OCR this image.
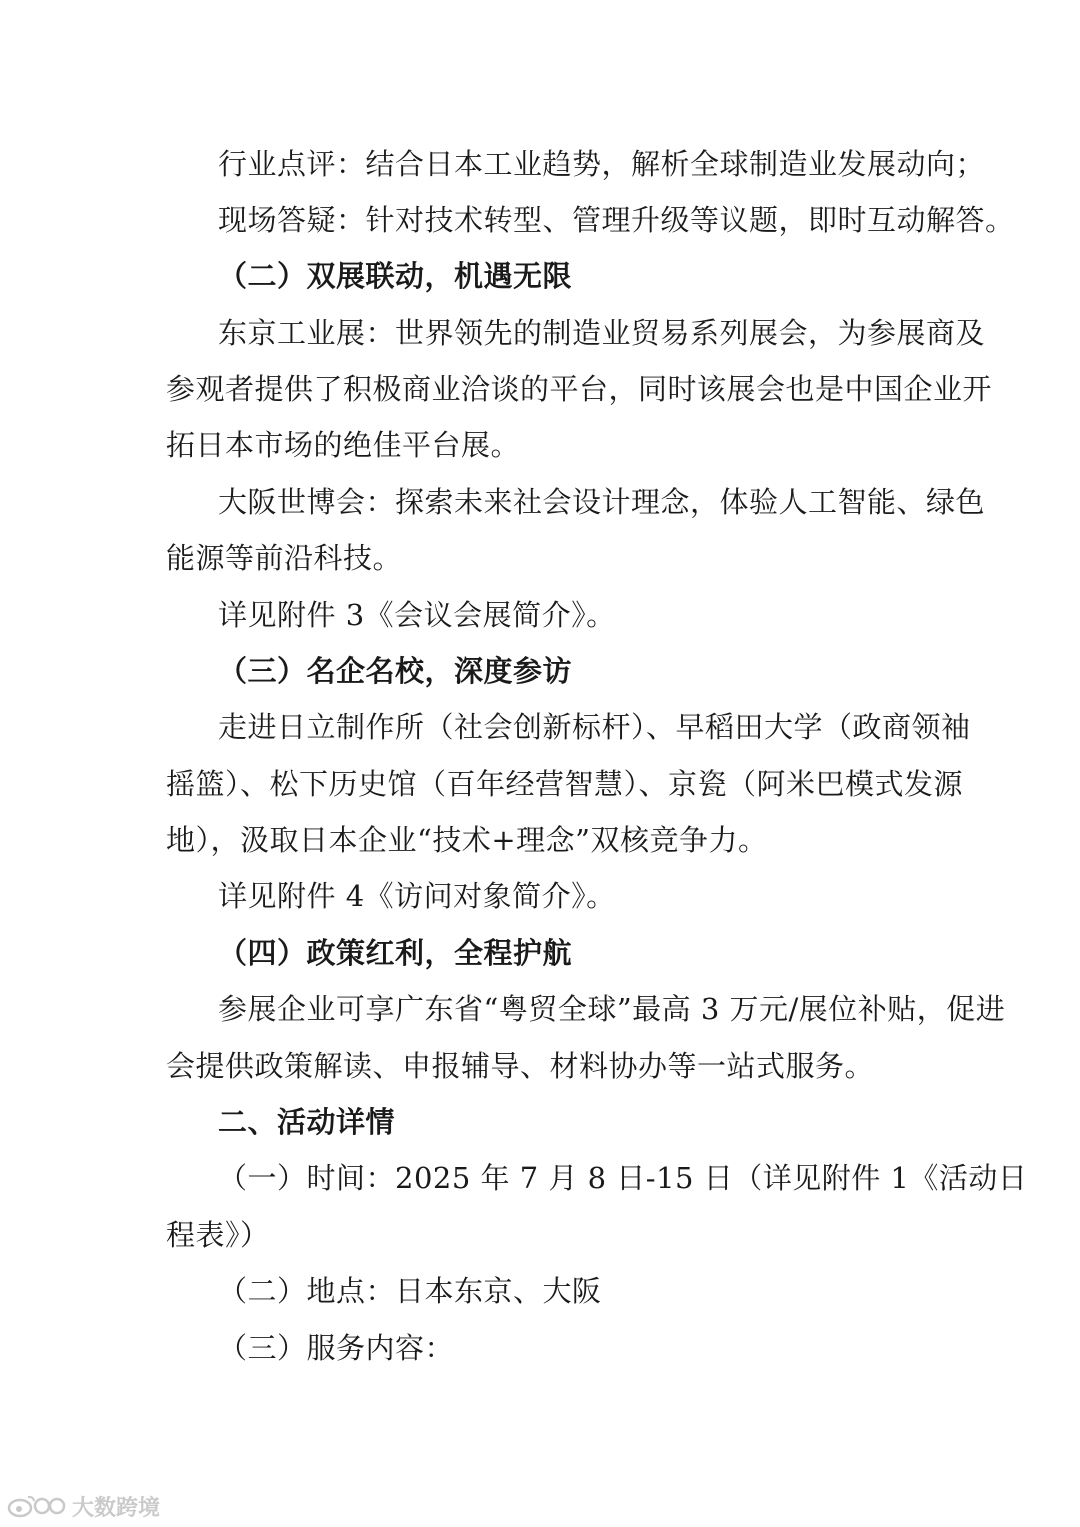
行业点评：结合日本工业趋势，解析全球制造业发展动向；
现场答疑：针对技术转型、管理升级等议题，即时互动解答。
（二）双展联动，机遇无限
东京工业展：世界领先的制造业贸易系列展会，为参展商及
参观者提供了积极商业洽谈的平台，同时该展会也是中国企业开
拓日本市场的绝佳平台展。
大阪世博会：探索未来社会设计理念，体验人工智能、绿色
能源等前沿科技。
详见附件 3《会议会展简介》。
（三）名企名校，深度参访
走进日立制作所（社会创新标杆）、早稻田大学（政商领袖
摇篮）、松下历史馆（百年经营智慧）、京瓷（阿米巴模式发源
地），汲取日本企业“技术+理念”双核竞争力。
详见附件 4《访问对象简介》。
（四）政策红利，全程护航
参展企业可享广东省“粤贸全球”最高 3 万元/展位补贴，促进
会提供政策解读、申报辅导、材料协办等一站式服务。
二、活动详情
（一）时间：2025 年 7 月 8 日-15 日（详见附件 1《活动日
程表》）
（二）地点：日本东京、大阪
（三）服务内容：
大数跨境
